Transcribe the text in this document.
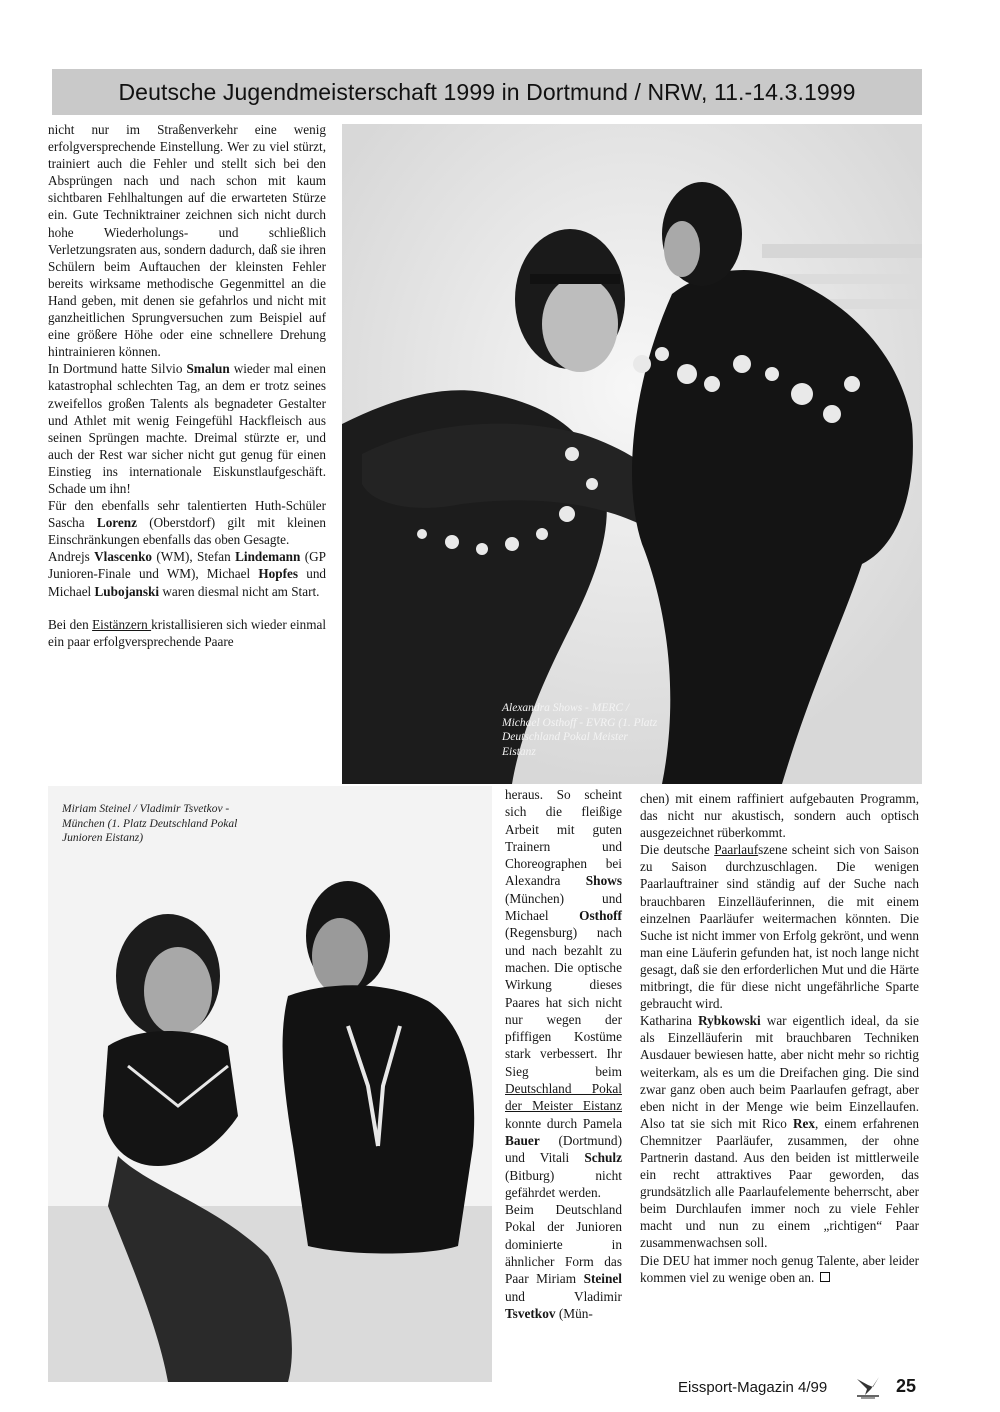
Deutsche Jugendmeisterschaft 1999 in Dortmund / NRW, 11.-14.3.1999

nicht nur im Straßenverkehr eine wenig erfolgversprechende Einstellung. Wer zu viel stürzt, trainiert auch die Fehler und stellt sich bei den Absprüngen nach und nach schon mit kaum sichtbaren Fehlhaltungen auf die erwarteten Stürze ein. Gute Techniktrainer zeichnen sich nicht durch hohe Wiederholungs- und schließlich Verletzungsraten aus, sondern dadurch, daß sie ihren Schülern beim Auftauchen der kleinsten Fehler bereits wirksame methodische Gegenmittel an die Hand geben, mit denen sie gefahrlos und nicht mit ganzheitlichen Sprungversuchen zum Beispiel auf eine größere Höhe oder eine schnellere Drehung hintrainieren können.

In Dortmund hatte Silvio Smalun wieder mal einen katastrophal schlechten Tag, an dem er trotz seines zweifellos großen Talents als begnadeter Gestalter und Athlet mit wenig Feingefühl Hackfleisch aus seinen Sprüngen machte. Dreimal stürzte er, und auch der Rest war sicher nicht gut genug für einen Einstieg ins internationale Eiskunstlaufgeschäft. Schade um ihn!

Für den ebenfalls sehr talentierten Huth-Schüler Sascha Lorenz (Oberstdorf) gilt mit kleinen Einschränkungen ebenfalls das oben Gesagte.

Andrejs Vlascenko (WM), Stefan Lindemann (GP Junioren-Finale und WM), Michael Hopfes und Michael Lubojanski waren diesmal nicht am Start.

Bei den Eistänzern kristallisieren sich wieder einmal ein paar erfolgversprechende Paare

Alexandra Shows - MERC / Michael Osthoff - EVRG (1. Platz Deutschland Pokal Meister Eistanz
Miriam Steinel / Vladimir Tsvetkov - München (1. Platz Deutschland Pokal Junioren Eistanz)

heraus. So scheint sich die fleißige Arbeit mit guten Trainern und Choreographen bei Alexandra Shows (München) und Michael Osthoff (Regensburg) nach und nach bezahlt zu machen. Die optische Wirkung dieses Paares hat sich nicht nur wegen der pfiffigen Kostüme stark verbessert. Ihr Sieg beim Deutschland Pokal der Meister Eistanz konnte durch Pamela Bauer (Dortmund) und Vitali Schulz (Bitburg) nicht gefährdet werden.

Beim Deutschland Pokal der Junioren dominierte in ähnlicher Form das Paar Miriam Steinel und Vladimir Tsvetkov (Mün-

chen) mit einem raffiniert aufgebauten Programm, das nicht nur akustisch, sondern auch optisch ausgezeichnet rüberkommt.

Die deutsche Paarlaufszene scheint sich von Saison zu Saison durchzuschlagen. Die wenigen Paarlauftrainer sind ständig auf der Suche nach brauchbaren Einzelläuferinnen, die mit einem einzelnen Paarläufer weitermachen könnten. Die Suche ist nicht immer von Erfolg gekrönt, und wenn man eine Läuferin gefunden hat, ist noch lange nicht gesagt, daß sie den erforderlichen Mut und die Härte mitbringt, die für diese nicht ungefährliche Sparte gebraucht wird.

Katharina Rybkowski war eigentlich ideal, da sie als Einzelläuferin mit brauchbaren Techniken Ausdauer bewiesen hatte, aber nicht mehr so richtig weiterkam, als es um die Dreifachen ging. Die sind zwar ganz oben auch beim Paarlaufen gefragt, aber eben nicht in der Menge wie beim Einzellaufen. Also tat sie sich mit Rico Rex, einem erfahrenen Chemnitzer Paarläufer, zusammen, der ohne Partnerin dastand. Aus den beiden ist mittlerweile ein recht attraktives Paar geworden, das grundsätzlich alle Paarlaufelemente beherrscht, aber beim Durchlaufen immer noch zu viele Fehler macht und nun zu einem „richtigen“ Paar zusammenwachsen soll.

Die DEU hat immer noch genug Talente, aber leider kommen viel zu wenige oben an.

Eissport-Magazin 4/99	25
